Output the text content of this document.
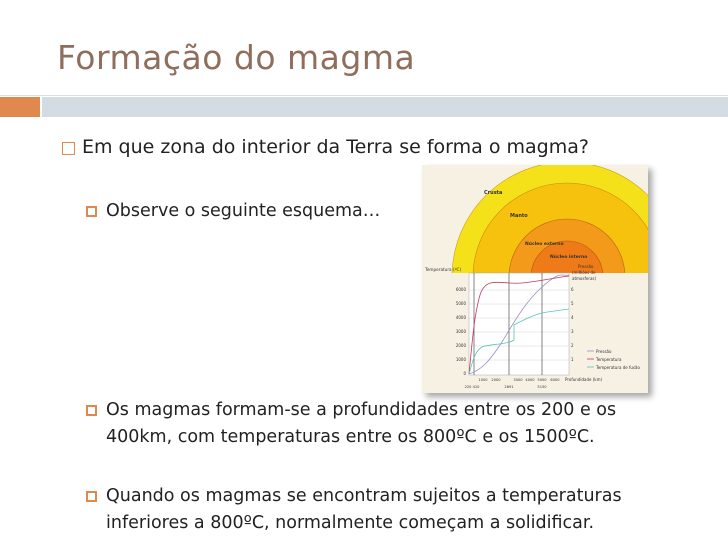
Formação do magma
Em que zona do interior da Terra se forma o magma?
Observe o seguinte esquema…
Os magmas formam-se a profundidades entre os 200 e os
400km, com temperaturas entre os 800ºC e os 1500ºC.
Quando os magmas se encontram sujeitos a temperaturas
inferiores a 800ºC, normalmente começam a solidificar.
Crusta
Manto
Núcleo externo
Núcleo interno
Temperatura (ºC)
6000
5000
4000
3000
2000
1000
0
Pressão
(milhões de
atmosferas)
6
5
4
3
2
1
Pressão
Temperatura
Temperatura de fusão
1000 2000	3000 4000 5000 6000
220 410	2891	5150
Profundidade (km)
